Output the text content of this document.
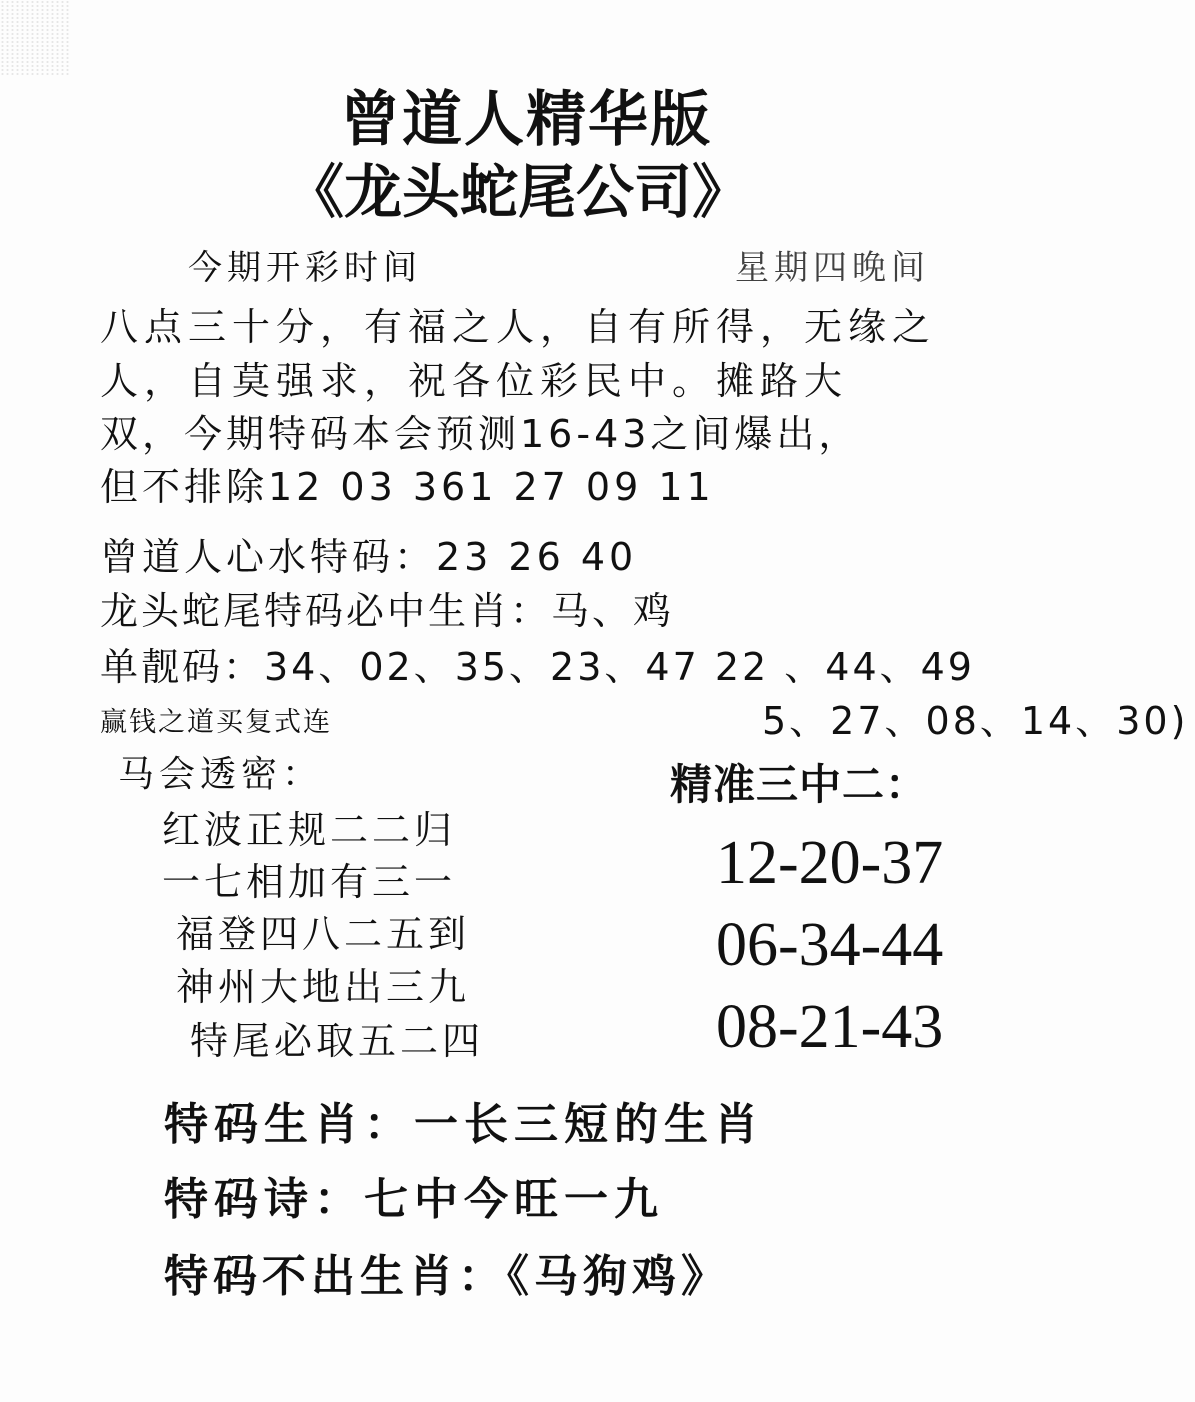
曾道人精华版
《龙头蛇尾公司》
今期开彩时间	星期四晚间
八点三十分，有福之人，自有所得，无缘之
人，自莫强求，祝各位彩民中。摊路大
双，今期特码本会预测16-43之间爆出，
但不排除12 03 361 27 09 11
曾道人心水特码：23 26 40
龙头蛇尾特码必中生肖：马、鸡
单靓码：34、02、35、23、47 22 、44、49
赢钱之道买复式连	5、27、08、14、30)
马会透密：	精准三中二：
红波正规二二归
一七相加有三一
福登四八二五到
神州大地出三九
特尾必取五二四
12-20-37
06-34-44
08-21-43
特码生肖：一长三短的生肖
特码诗：七中今旺一九
特码不出生肖：《马狗鸡》
